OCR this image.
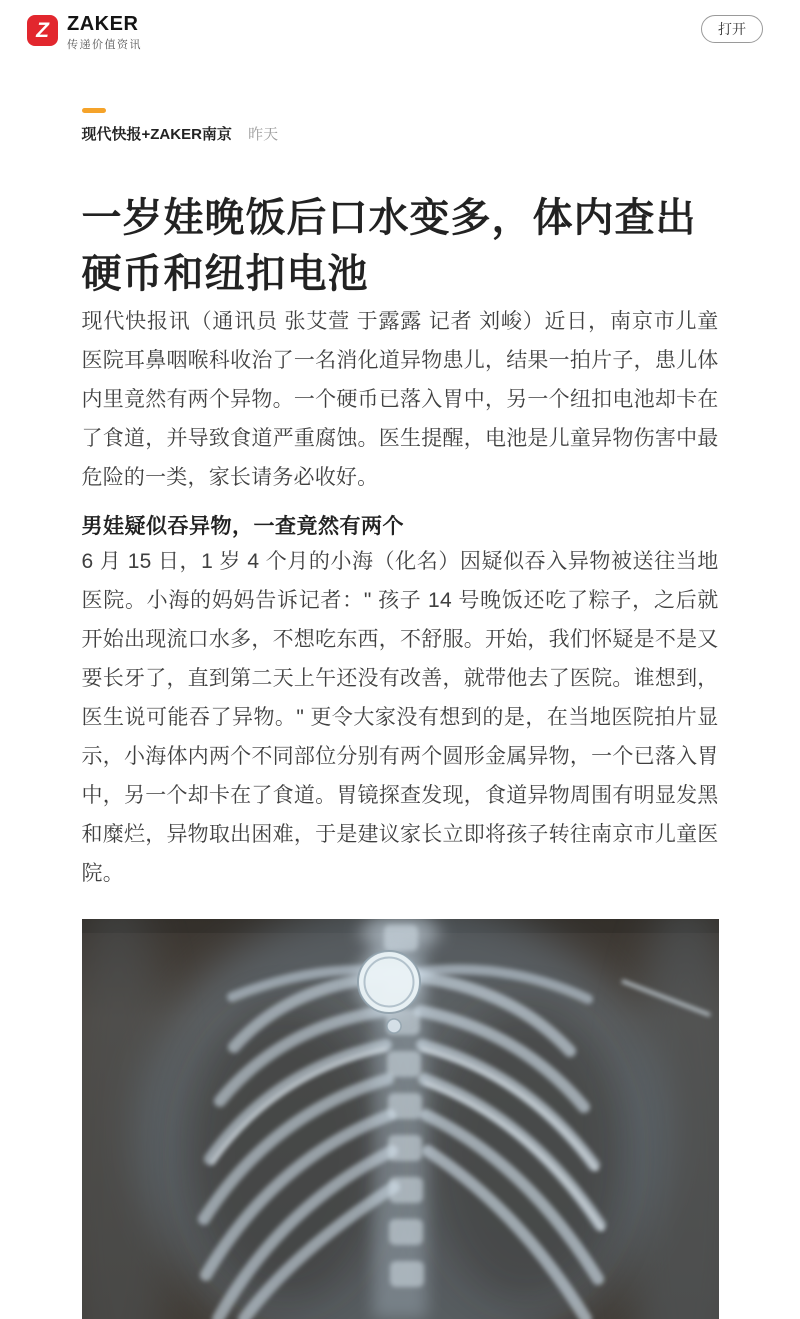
Z ZAKER
传递价值资讯
打开
现代快报+ZAKER南京 昨天
一岁娃晚饭后口水变多，体内查出硬币和纽扣电池

现代快报讯（通讯员 张艾萱 于露露 记者 刘峻）近日，南京市儿童医院耳鼻咽喉科收治了一名消化道异物患儿，结果一拍片子，患儿体内里竟然有两个异物。一个硬币已落入胃中，另一个纽扣电池却卡在了食道，并导致食道严重腐蚀。医生提醒，电池是儿童异物伤害中最危险的一类，家长请务必收好。

男娃疑似吞异物，一查竟然有两个

6 月 15 日，1 岁 4 个月的小海（化名）因疑似吞入异物被送往当地医院。小海的妈妈告诉记者：" 孩子 14 号晚饭还吃了粽子，之后就开始出现流口水多，不想吃东西，不舒服。开始，我们怀疑是不是又要长牙了，直到第二天上午还没有改善，就带他去了医院。谁想到，医生说可能吞了异物。" 更令大家没有想到的是，在当地医院拍片显示，小海体内两个不同部位分别有两个圆形金属异物，一个已落入胃中，另一个却卡在了食道。胃镜探查发现，食道异物周围有明显发黑和糜烂，异物取出困难，于是建议家长立即将孩子转往南京市儿童医院。
